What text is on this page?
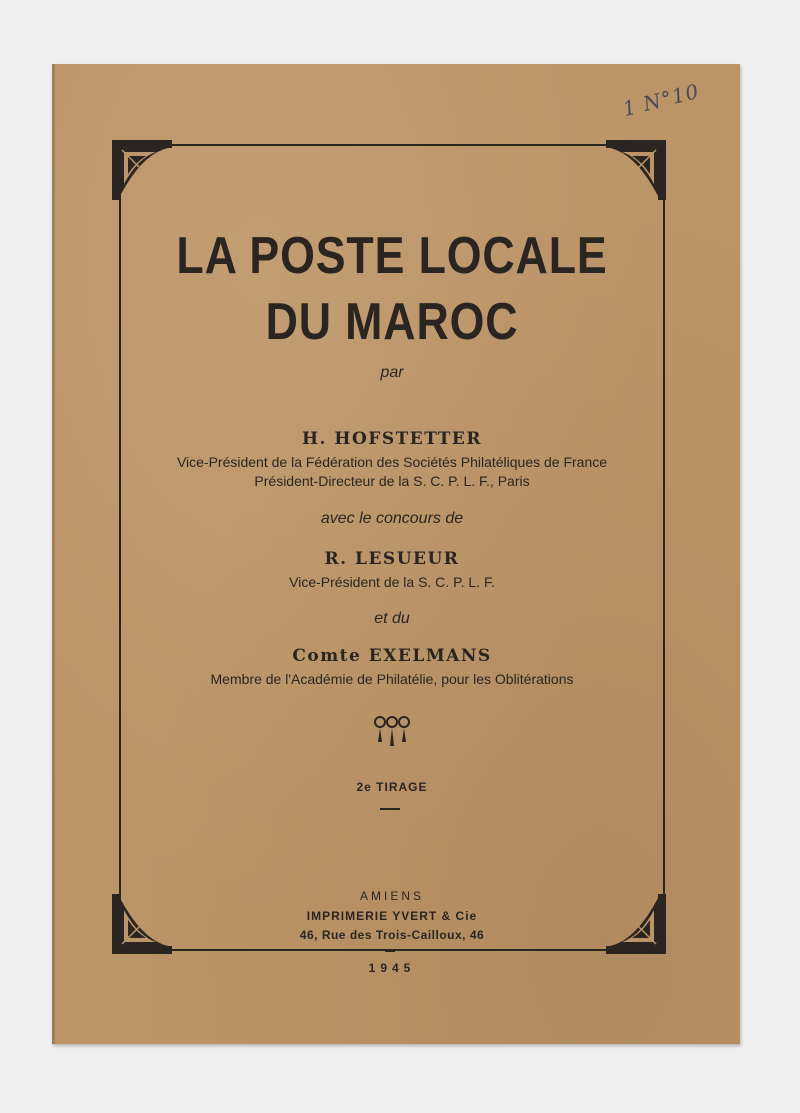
1 N°10
LA POSTE LOCALE
DU MAROC
par
H. HOFSTETTER
Vice-Président de la Fédération des Sociétés Philatéliques de France
Président-Directeur de la S. C. P. L. F., Paris
avec le concours de
R. LESUEUR
Vice-Président de la S. C. P. L. F.
et du
Comte EXELMANS
Membre de l'Académie de Philatélie, pour les Oblitérations
2e TIRAGE
AMIENS
IMPRIMERIE YVERT & Cie
46, Rue des Trois-Cailloux, 46
1945
